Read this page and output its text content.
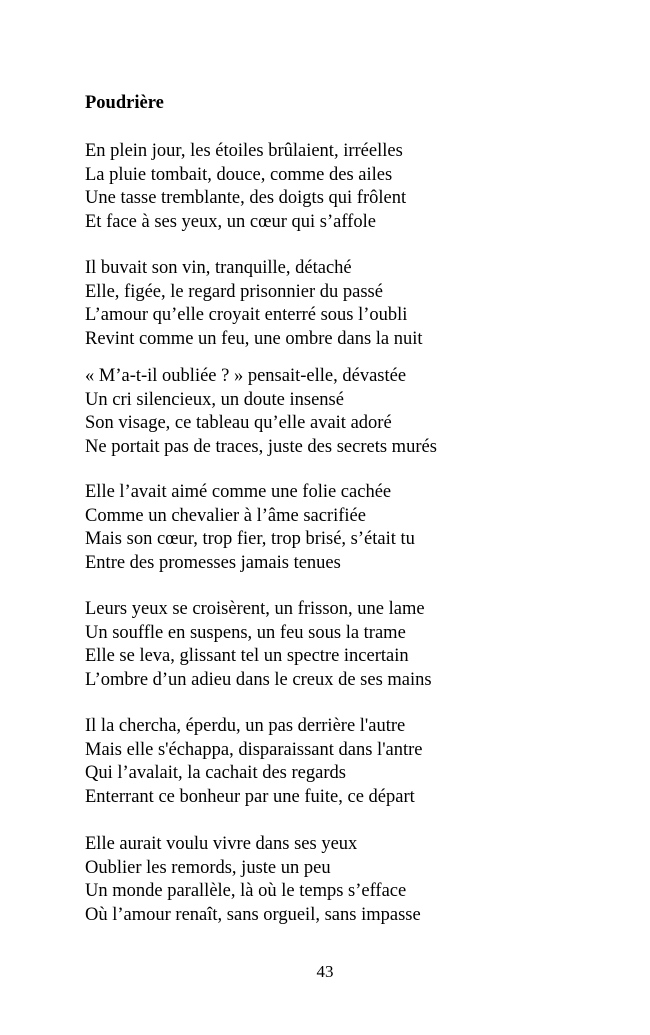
Poudrière
En plein jour, les étoiles brûlaient, irréelles
La pluie tombait, douce, comme des ailes
Une tasse tremblante, des doigts qui frôlent
Et face à ses yeux, un cœur qui s’affole
Il buvait son vin, tranquille, détaché
Elle, figée, le regard prisonnier du passé
L’amour qu’elle croyait enterré sous l’oubli
Revint comme un feu, une ombre dans la nuit
« M’a-t-il oubliée ? » pensait-elle, dévastée
Un cri silencieux, un doute insensé
Son visage, ce tableau qu’elle avait adoré
Ne portait pas de traces, juste des secrets murés
Elle l’avait aimé comme une folie cachée
Comme un chevalier à l’âme sacrifiée
Mais son cœur, trop fier, trop brisé, s’était tu
Entre des promesses jamais tenues
Leurs yeux se croisèrent, un frisson, une lame
Un souffle en suspens, un feu sous la trame
Elle se leva, glissant tel un spectre incertain
L’ombre d’un adieu dans le creux de ses mains
Il la chercha, éperdu, un pas derrière l'autre
Mais elle s'échappa, disparaissant dans l'antre
Qui l’avalait, la cachait des regards
Enterrant ce bonheur par une fuite, ce départ
Elle aurait voulu vivre dans ses yeux
Oublier les remords, juste un peu
Un monde parallèle, là où le temps s’efface
Où l’amour renaît, sans orgueil, sans impasse
43
